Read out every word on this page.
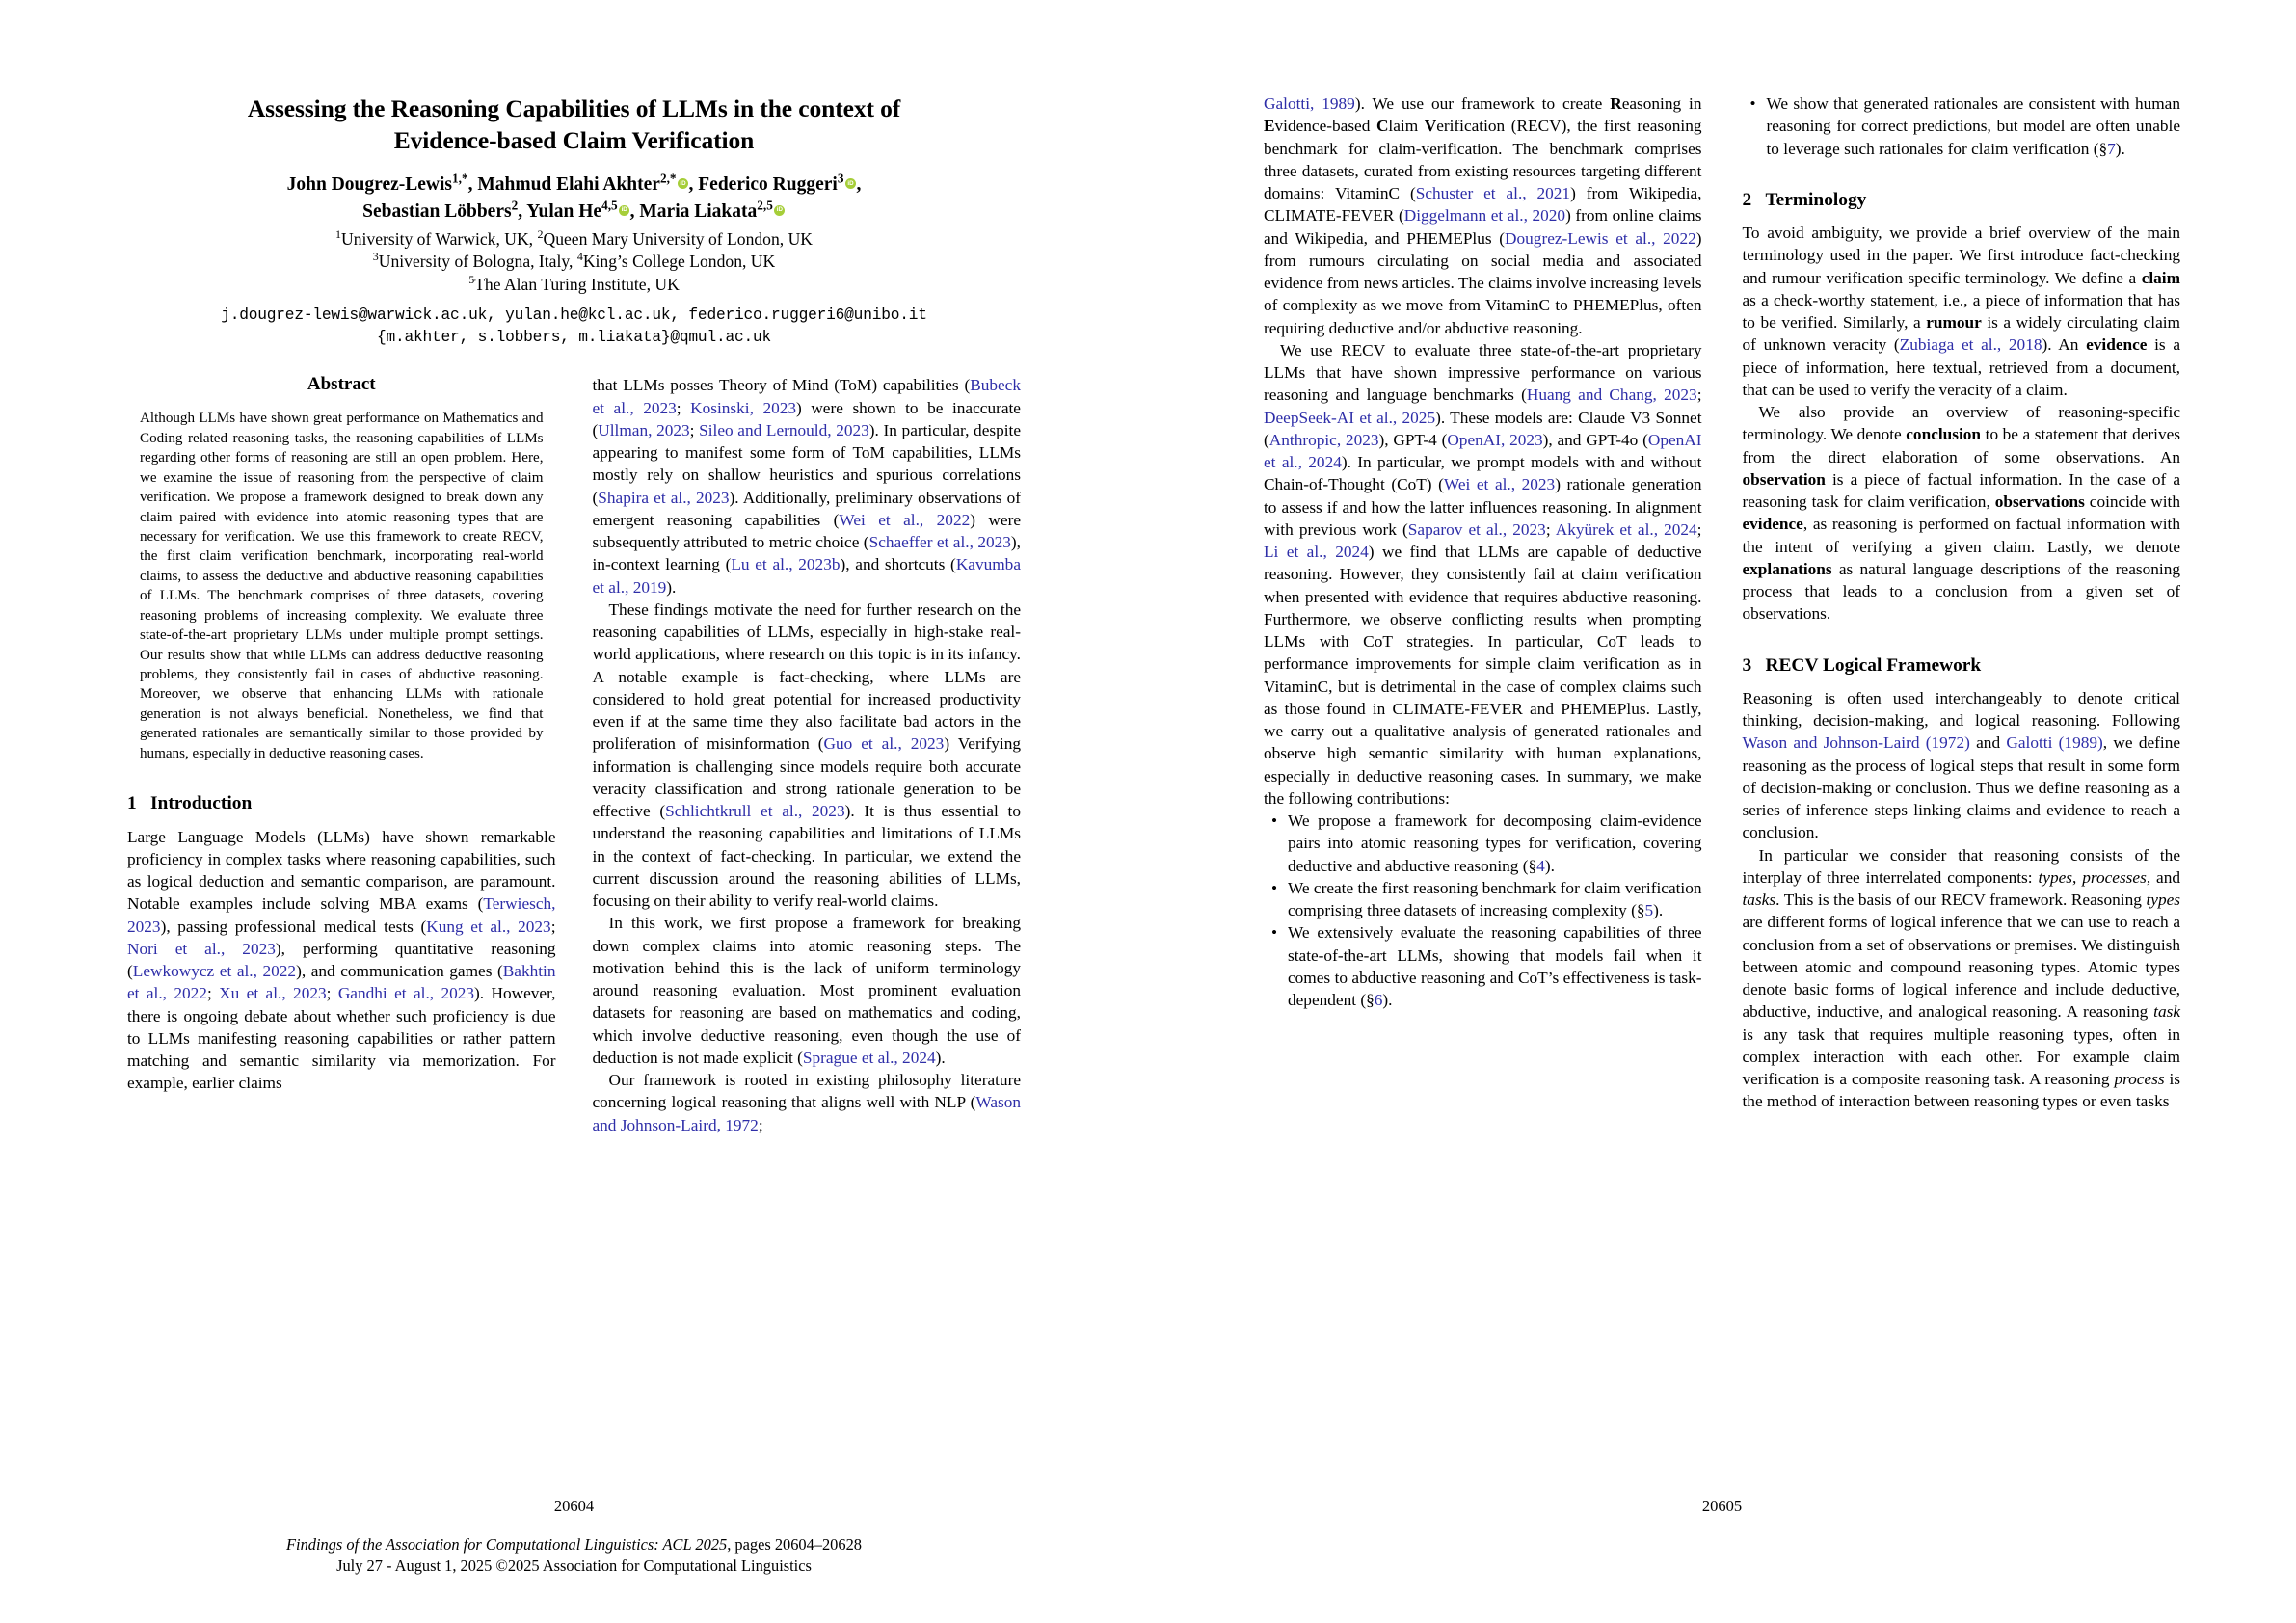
Assessing the Reasoning Capabilities of LLMs in the context of
Evidence-based Claim Verification
John Dougrez-Lewis$^{1,*}$, Mahmud Elahi Akhter$^{2,*}$ iD , Federico Ruggeri$^3$ iD ,
Sebastian Löbbers$^2$, Yulan He$^{4,5}$ iD , Maria Liakata$^{2,5}$iD
$^1$University of Warwick, UK, $^2$Queen Mary University of London, UK
$^3$University of Bologna, Italy, $^4$King’s College London, UK
$^5$The Alan Turing Institute, UK
j.dougrez-lewis@warwick.ac.uk, yulan.he@kcl.ac.uk, federico.ruggeri6@unibo.it
{m.akhter, s.lobbers, m.liakata}@qmul.ac.uk
Abstract

Although LLMs have shown great performance on Mathematics and Coding related reasoning tasks, the reasoning capabilities of LLMs regarding other forms of reasoning are still an open problem. Here, we examine the issue of reasoning from the perspective of claim verification. We propose a framework designed to break down any claim paired with evidence into atomic reasoning types that are necessary for verification. We use this framework to create RECV, the first claim verification benchmark, incorporating real-world claims, to assess the deductive and abductive reasoning capabilities of LLMs. The benchmark comprises of three datasets, covering reasoning problems of increasing complexity. We evaluate three state-of-the-art proprietary LLMs under multiple prompt settings. Our results show that while LLMs can address deductive reasoning problems, they consistently fail in cases of abductive reasoning. Moreover, we observe that enhancing LLMs with rationale generation is not always beneficial. Nonetheless, we find that generated rationales are semantically similar to those provided by humans, especially in deductive reasoning cases.

1 Introduction

Large Language Models (LLMs) have shown remarkable proficiency in complex tasks where reasoning capabilities, such as logical deduction and semantic comparison, are paramount. Notable examples include solving MBA exams (Terwiesch, 2023), passing professional medical tests (Kung et al., 2023; Nori et al., 2023), performing quantitative reasoning (Lewkowycz et al., 2022), and communication games (Bakhtin et al., 2022; Xu et al., 2023; Gandhi et al., 2023). However, there is ongoing debate about whether such proficiency is due to LLMs manifesting reasoning capabilities or rather pattern matching and semantic similarity via memorization. For example, earlier claims

that LLMs posses Theory of Mind (ToM) capabilities (Bubeck et al., 2023; Kosinski, 2023) were shown to be inaccurate (Ullman, 2023; Sileo and Lernould, 2023). In particular, despite appearing to manifest some form of ToM capabilities, LLMs mostly rely on shallow heuristics and spurious correlations (Shapira et al., 2023). Additionally, preliminary observations of emergent reasoning capabilities (Wei et al., 2022) were subsequently attributed to metric choice (Schaeffer et al., 2023), in-context learning (Lu et al., 2023b), and shortcuts (Kavumba et al., 2019).

These findings motivate the need for further research on the reasoning capabilities of LLMs, especially in high-stake real-world applications, where research on this topic is in its infancy. A notable example is fact-checking, where LLMs are considered to hold great potential for increased productivity even if at the same time they also facilitate bad actors in the proliferation of misinformation (Guo et al., 2023) Verifying information is challenging since models require both accurate veracity classification and strong rationale generation to be effective (Schlichtkrull et al., 2023). It is thus essential to understand the reasoning capabilities and limitations of LLMs in the context of fact-checking. In particular, we extend the current discussion around the reasoning abilities of LLMs, focusing on their ability to verify real-world claims.

In this work, we first propose a framework for breaking down complex claims into atomic reasoning steps. The motivation behind this is the lack of uniform terminology around reasoning evaluation. Most prominent evaluation datasets for reasoning are based on mathematics and coding, which involve deductive reasoning, even though the use of deduction is not made explicit (Sprague et al., 2024).

Our framework is rooted in existing philosophy literature concerning logical reasoning that aligns well with NLP (Wason and Johnson-Laird, 1972;

20604
Findings of the Association for Computational Linguistics: ACL 2025, pages 20604–20628
July 27 - August 1, 2025 ©2025 Association for Computational Linguistics

Galotti, 1989). We use our framework to create Reasoning in Evidence-based Claim Verification (RECV), the first reasoning benchmark for claim-verification. The benchmark comprises three datasets, curated from existing resources targeting different domains: VitaminC (Schuster et al., 2021) from Wikipedia, CLIMATE-FEVER (Diggelmann et al., 2020) from online claims and Wikipedia, and PHEMEPlus (Dougrez-Lewis et al., 2022) from rumours circulating on social media and associated evidence from news articles. The claims involve increasing levels of complexity as we move from VitaminC to PHEMEPlus, often requiring deductive and/or abductive reasoning.

We use RECV to evaluate three state-of-the-art proprietary LLMs that have shown impressive performance on various reasoning and language benchmarks (Huang and Chang, 2023; DeepSeek-AI et al., 2025). These models are: Claude V3 Sonnet (Anthropic, 2023), GPT-4 (OpenAI, 2023), and GPT-4o (OpenAI et al., 2024). In particular, we prompt models with and without Chain-of-Thought (CoT) (Wei et al., 2023) rationale generation to assess if and how the latter influences reasoning. In alignment with previous work (Saparov et al., 2023; Akyürek et al., 2024; Li et al., 2024) we find that LLMs are capable of deductive reasoning. However, they consistently fail at claim verification when presented with evidence that requires abductive reasoning. Furthermore, we observe conflicting results when prompting LLMs with CoT strategies. In particular, CoT leads to performance improvements for simple claim verification as in VitaminC, but is detrimental in the case of complex claims such as those found in CLIMATE-FEVER and PHEMEPlus. Lastly, we carry out a qualitative analysis of generated rationales and observe high semantic similarity with human explanations, especially in deductive reasoning cases. In summary, we make the following contributions:

• We propose a framework for decomposing claim-evidence pairs into atomic reasoning types for verification, covering deductive and abductive reasoning (§4).
• We create the first reasoning benchmark for claim verification comprising three datasets of increasing complexity (§5).
• We extensively evaluate the reasoning capabilities of three state-of-the-art LLMs, showing that models fail when it comes to abductive reasoning and CoT’s effectiveness is task-dependent (§6).
• We show that generated rationales are consistent with human reasoning for correct predictions, but model are often unable to leverage such rationales for claim verification (§7).
2 Terminology

To avoid ambiguity, we provide a brief overview of the main terminology used in the paper. We first introduce fact-checking and rumour verification specific terminology. We define a claim as a check-worthy statement, i.e., a piece of information that has to be verified. Similarly, a rumour is a widely circulating claim of unknown veracity (Zubiaga et al., 2018). An evidence is a piece of information, here textual, retrieved from a document, that can be used to verify the veracity of a claim.

We also provide an overview of reasoning-specific terminology. We denote conclusion to be a statement that derives from the direct elaboration of some observations. An observation is a piece of factual information. In the case of a reasoning task for claim verification, observations coincide with evidence, as reasoning is performed on factual information with the intent of verifying a given claim. Lastly, we denote explanations as natural language descriptions of the reasoning process that leads to a conclusion from a given set of observations.

3 RECV Logical Framework

Reasoning is often used interchangeably to denote critical thinking, decision-making, and logical reasoning. Following Wason and Johnson-Laird (1972) and Galotti (1989), we define reasoning as the process of logical steps that result in some form of decision-making or conclusion. Thus we define reasoning as a series of inference steps linking claims and evidence to reach a conclusion.

In particular we consider that reasoning consists of the interplay of three interrelated components: types, processes, and tasks. This is the basis of our RECV framework. Reasoning types are different forms of logical inference that we can use to reach a conclusion from a set of observations or premises. We distinguish between atomic and compound reasoning types. Atomic types denote basic forms of logical inference and include deductive, abductive, inductive, and analogical reasoning. A reasoning task is any task that requires multiple reasoning types, often in complex interaction with each other. For example claim verification is a composite reasoning task. A reasoning process is the method of interaction between reasoning types or even tasks

20605
